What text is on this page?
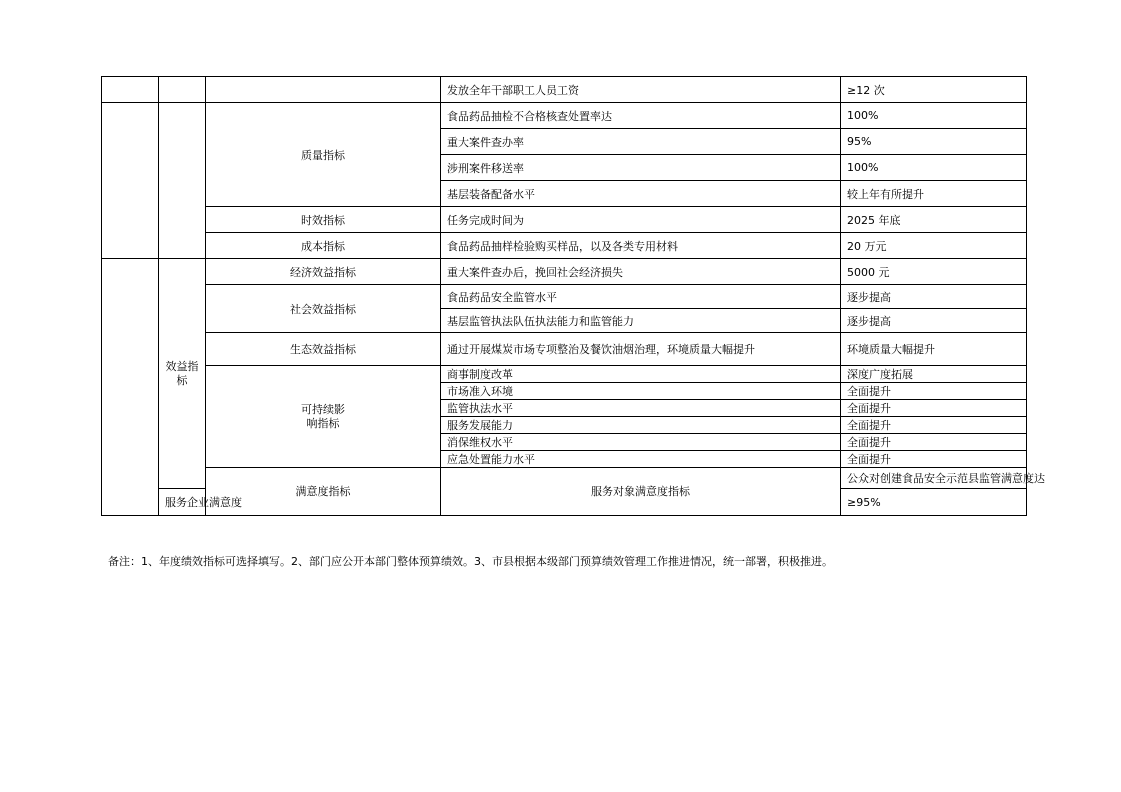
			发放全年干部职工人员工资	≥12 次	
		质量指标	食品药品抽检不合格核查处置率达	100%	
			重大案件查办率	95%	
			涉刑案件移送率	100%	
			基层装备配备水平	较上年有所提升	
		时效指标	任务完成时间为	2025 年底	
		成本指标	食品药品抽样检验购买样品，以及各类专用材料	20 万元	
	效益指标	经济效益指标	重大案件查办后，挽回社会经济损失	5000 元	
		社会效益指标	食品药品安全监管水平	逐步提高	
			基层监管执法队伍执法能力和监管能力	逐步提高	
		生态效益指标	通过开展煤炭市场专项整治及餐饮油烟治理，环境质量大幅提升	环境质量大幅提升	
		可持续影响指标	商事制度改革	深度广度拓展	
			市场准入环境	全面提升	
			监管执法水平	全面提升	
			服务发展能力	全面提升	
			消保维权水平	全面提升	
			应急处置能力水平	全面提升	
		满意度指标	服务对象满意度指标	公众对创建食品安全示范县监管满意度达	
	服务企业满意度			≥95%	
备注：1、年度绩效指标可选择填写。2、部门应公开本部门整体预算绩效。3、市县根据本级部门预算绩效管理工作推进情况，统一部署，积极推进。
